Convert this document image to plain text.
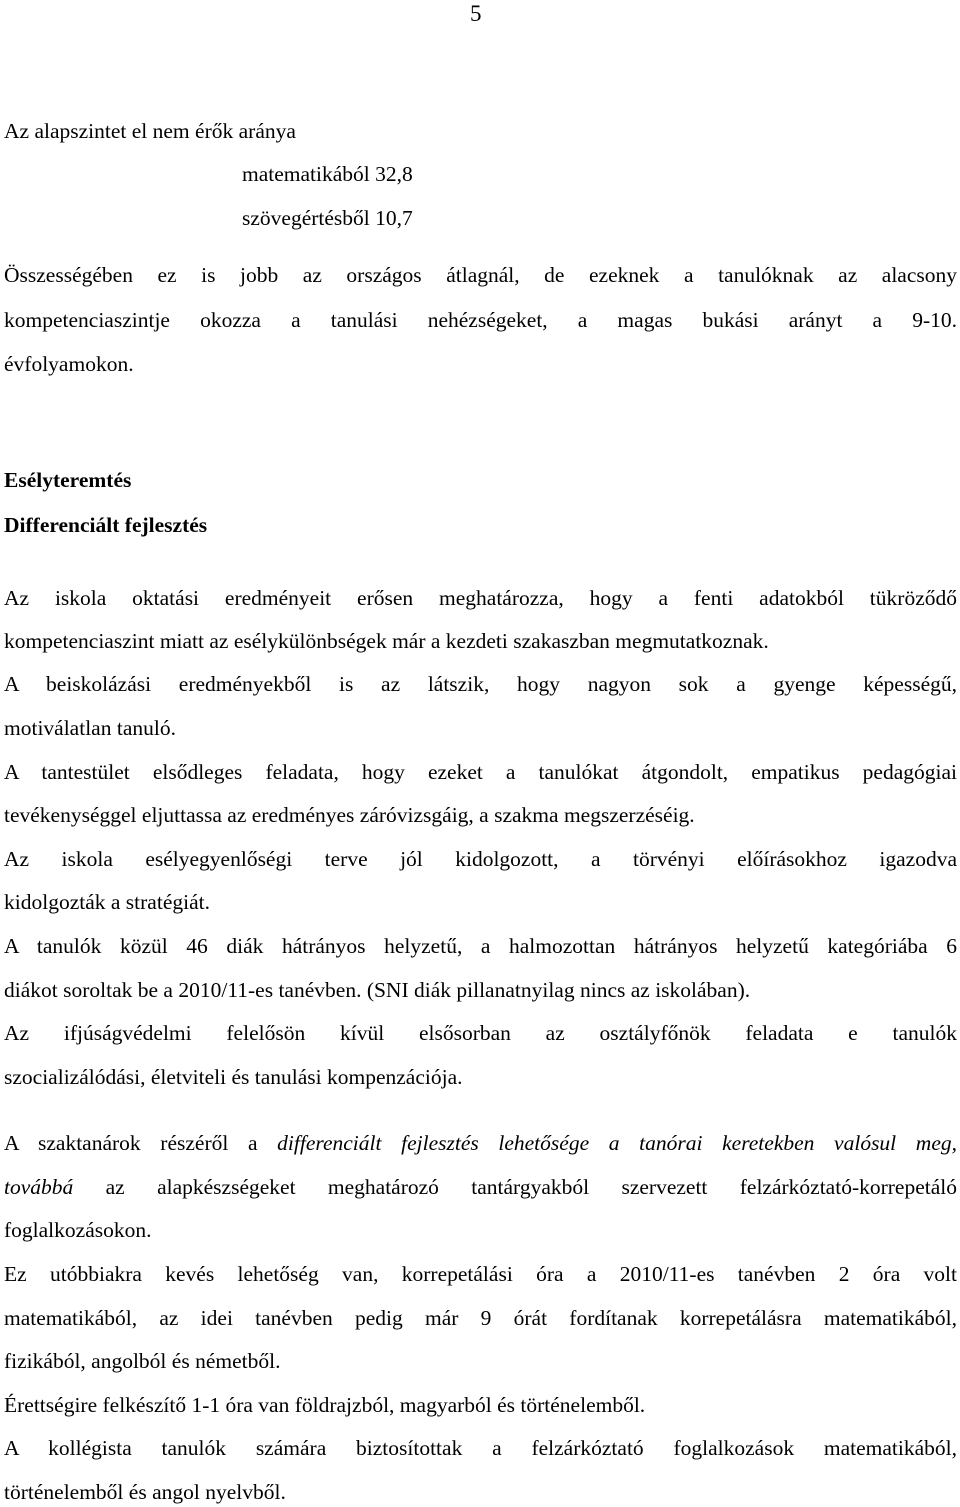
5
Az alapszintet el nem érők aránya
matematikából 32,8
szövegértésből 10,7
Összességében ez is jobb az országos átlagnál, de ezeknek a tanulóknak az alacsony
kompetenciaszintje okozza a tanulási nehézségeket, a magas bukási arányt a 9-10.
évfolyamokon.
Esélyteremtés
Differenciált fejlesztés
Az iskola oktatási eredményeit erősen meghatározza, hogy a fenti adatokból tükröződő
kompetenciaszint miatt az esélykülönbségek már a kezdeti szakaszban megmutatkoznak.
A beiskolázási eredményekből is az látszik, hogy nagyon sok a gyenge képességű,
motiválatlan tanuló.
A tantestület elsődleges feladata, hogy ezeket a tanulókat átgondolt, empatikus pedagógiai
tevékenységgel eljuttassa az eredményes záróvizsgáig, a szakma megszerzéséig.
Az iskola esélyegyenlőségi terve jól kidolgozott, a törvényi előírásokhoz igazodva
kidolgozták a stratégiát.
A tanulók közül 46 diák hátrányos helyzetű, a halmozottan hátrányos helyzetű kategóriába 6
diákot soroltak be a 2010/11-es tanévben. (SNI diák pillanatnyilag nincs az iskolában).
Az ifjúságvédelmi felelősön kívül elsősorban az osztályfőnök feladata e tanulók
szocializálódási, életviteli és tanulási kompenzációja.
A szaktanárok részéről a differenciált fejlesztés lehetősége a tanórai keretekben valósul meg,
továbbá az alapkészségeket meghatározó tantárgyakból szervezett felzárkóztató-korrepetáló
foglalkozásokon.
Ez utóbbiakra kevés lehetőség van, korrepetálási óra a 2010/11-es tanévben 2 óra volt
matematikából, az idei tanévben pedig már 9 órát fordítanak korrepetálásra matematikából,
fizikából, angolból és németből.
Érettségire felkészítő 1-1 óra van földrajzból, magyarból és történelemből.
A kollégista tanulók számára biztosítottak a felzárkóztató foglalkozások matematikából,
történelemből és angol nyelvből.
